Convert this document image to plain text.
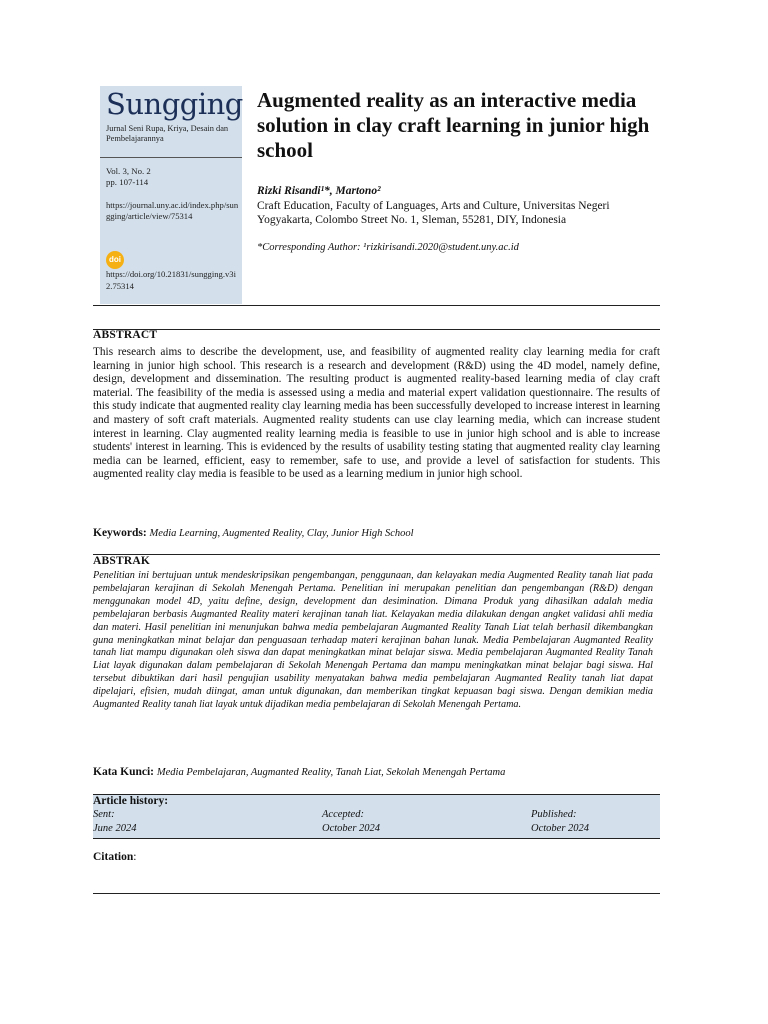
Sungging
Jurnal Seni Rupa, Kriya, Desain dan Pembelajarannya
Vol. 3, No. 2
pp. 107-114
https://journal.uny.ac.id/index.php/sungging/article/view/75314
doi
https://doi.org/10.21831/sungging.v3i2.75314
Augmented reality as an interactive media solution in clay craft learning in junior high school
Rizki Risandi¹*, Martono²
Craft Education, Faculty of Languages, Arts and Culture, Universitas Negeri Yogyakarta, Colombo Street No. 1, Sleman, 55281, DIY, Indonesia
*Corresponding Author: ¹rizkirisandi.2020@student.uny.ac.id
ABSTRACT
This research aims to describe the development, use, and feasibility of augmented reality clay learning media for craft learning in junior high school. This research is a research and development (R&D) using the 4D model, namely define, design, development and dissemination. The resulting product is augmented reality-based learning media of clay craft material. The feasibility of the media is assessed using a media and material expert validation questionnaire. The results of this study indicate that augmented reality clay learning media has been successfully developed to increase interest in learning and mastery of soft craft materials. Augmented reality students can use clay learning media, which can increase student interest in learning. Clay augmented reality learning media is feasible to use in junior high school and is able to increase students' interest in learning. This is evidenced by the results of usability testing stating that augmented reality clay learning media can be learned, efficient, easy to remember, safe to use, and provide a level of satisfaction for students. This augmented reality clay media is feasible to be used as a learning medium in junior high school.
Keywords: Media Learning, Augmented Reality, Clay, Junior High School
ABSTRAK
Penelitian ini bertujuan untuk mendeskripsikan pengembangan, penggunaan, dan kelayakan media Augmented Reality tanah liat pada pembelajaran kerajinan di Sekolah Menengah Pertama. Penelitian ini merupakan penelitian dan pengembangan (R&D) dengan menggunakan model 4D, yaitu define, design, development dan desimination. Dimana Produk yang dihasilkan adalah media pembelajaran berbasis Augmanted Reality materi kerajinan tanah liat. Kelayakan media dilakukan dengan angket validasi ahli media dan materi. Hasil penelitian ini menunjukan bahwa media pembelajaran Augmanted Reality Tanah Liat telah berhasil dikembangkan guna meningkatkan minat belajar dan penguasaan terhadap materi kerajinan bahan lunak. Media Pembelajaran Augmanted Reality tanah liat mampu digunakan oleh siswa dan dapat meningkatkan minat belajar siswa. Media pembelajaran Augmanted Reality Tanah Liat layak digunakan dalam pembelajaran di Sekolah Menengah Pertama dan mampu meningkatkan minat belajar bagi siswa. Hal tersebut dibuktikan dari hasil pengujian usability menyatakan bahwa media pembelajaran Augmanted Reality tanah liat dapat dipelajari, efisien, mudah diingat, aman untuk digunakan, dan memberikan tingkat kepuasan bagi siswa. Dengan demikian media Augmanted Reality tanah liat layak untuk dijadikan media pembelajaran di Sekolah Menengah Pertama.
Kata Kunci: Media Pembelajaran, Augmanted Reality, Tanah Liat, Sekolah Menengah Pertama
Article history:
Sent:
June 2024
Accepted:
October 2024
Published:
October 2024
Citation:
